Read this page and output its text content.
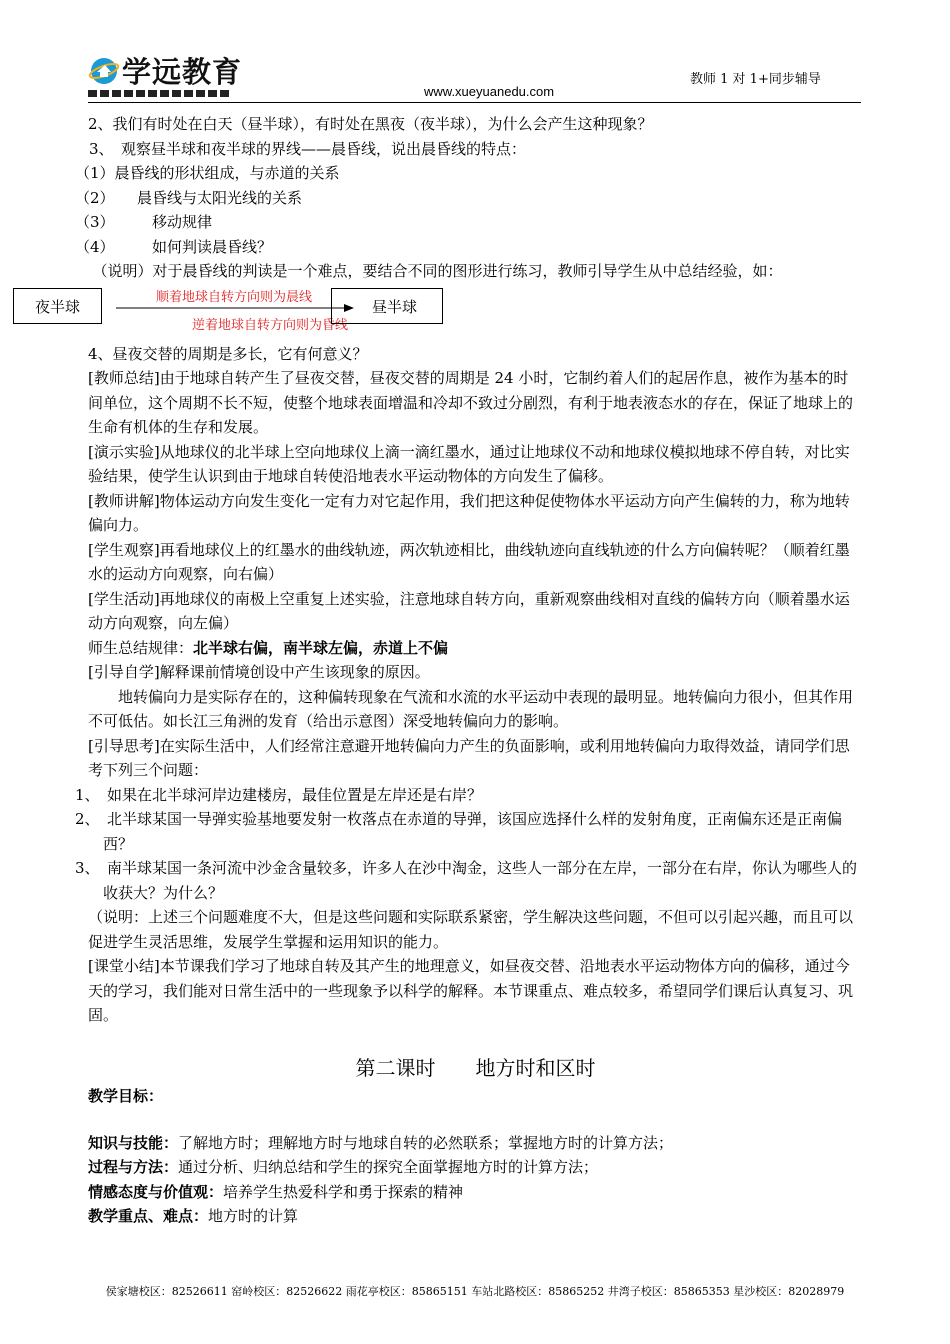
学远教育
www.xueyuanedu.com
教师 1 对 1+同步辅导

2、我们有时处在白天（昼半球），有时处在黑夜（夜半球），为什么会产生这种现象？

3、　观察昼半球和夜半球的界线——晨昏线，说出晨昏线的特点：

（1）晨昏线的形状组成，与赤道的关系

（2）　　晨昏线与太阳光线的关系

（3）　　　移动规律

（4）　　　如何判读晨昏线？

（说明）对于晨昏线的判读是一个难点，要结合不同的图形进行练习，教师引导学生从中总结经验，如：

夜半球
顺着地球自转方向则为晨线
逆着地球自转方向则为昏线
昼半球

4、昼夜交替的周期是多长，它有何意义？

[教师总结]由于地球自转产生了昼夜交替，昼夜交替的周期是 24 小时，它制约着人们的起居作息，被作为基本的时间单位，这个周期不长不短，使整个地球表面增温和冷却不致过分剧烈，有利于地表液态水的存在，保证了地球上的生命有机体的生存和发展。

[演示实验]从地球仪的北半球上空向地球仪上滴一滴红墨水，通过让地球仪不动和地球仪模拟地球不停自转，对比实验结果，使学生认识到由于地球自转使沿地表水平运动物体的方向发生了偏移。

[教师讲解]物体运动方向发生变化一定有力对它起作用，我们把这种促使物体水平运动方向产生偏转的力，称为地转偏向力。

[学生观察]再看地球仪上的红墨水的曲线轨迹，两次轨迹相比，曲线轨迹向直线轨迹的什么方向偏转呢？（顺着红墨水的运动方向观察，向右偏）

[学生活动]再地球仪的南极上空重复上述实验，注意地球自转方向，重新观察曲线相对直线的偏转方向（顺着墨水运动方向观察，向左偏）

师生总结规律：北半球右偏，南半球左偏，赤道上不偏

[引导自学]解释课前情境创设中产生该现象的原因。

地转偏向力是实际存在的，这种偏转现象在气流和水流的水平运动中表现的最明显。地转偏向力很小，但其作用不可低估。如长江三角洲的发育（给出示意图）深受地转偏向力的影响。

[引导思考]在实际生活中，人们经常注意避开地转偏向力产生的负面影响，或利用地转偏向力取得效益，请同学们思考下列三个问题：

1、　如果在北半球河岸边建楼房，最佳位置是左岸还是右岸？

2、　北半球某国一导弹实验基地要发射一枚落点在赤道的导弹，该国应选择什么样的发射角度，正南偏东还是正南偏西？

3、　南半球某国一条河流中沙金含量较多，许多人在沙中淘金，这些人一部分在左岸，一部分在右岸，你认为哪些人的收获大？为什么？

（说明：上述三个问题难度不大，但是这些问题和实际联系紧密，学生解决这些问题，不但可以引起兴趣，而且可以促进学生灵活思维，发展学生掌握和运用知识的能力。

[课堂小结]本节课我们学习了地球自转及其产生的地理意义，如昼夜交替、沿地表水平运动物体方向的偏移，通过今天的学习，我们能对日常生活中的一些现象予以科学的解释。本节课重点、难点较多，希望同学们课后认真复习、巩固。

第二课时　　地方时和区时

教学目标：

知识与技能：了解地方时；理解地方时与地球自转的必然联系；掌握地方时的计算方法；

过程与方法：通过分析、归纳总结和学生的探究全面掌握地方时的计算方法；

情感态度与价值观：培养学生热爱科学和勇于探索的精神

教学重点、难点：地方时的计算

侯家塘校区：82526611 窑岭校区：82526622 雨花亭校区：85865151 车站北路校区：85865252 井湾子校区：85865353 星沙校区：82028979
